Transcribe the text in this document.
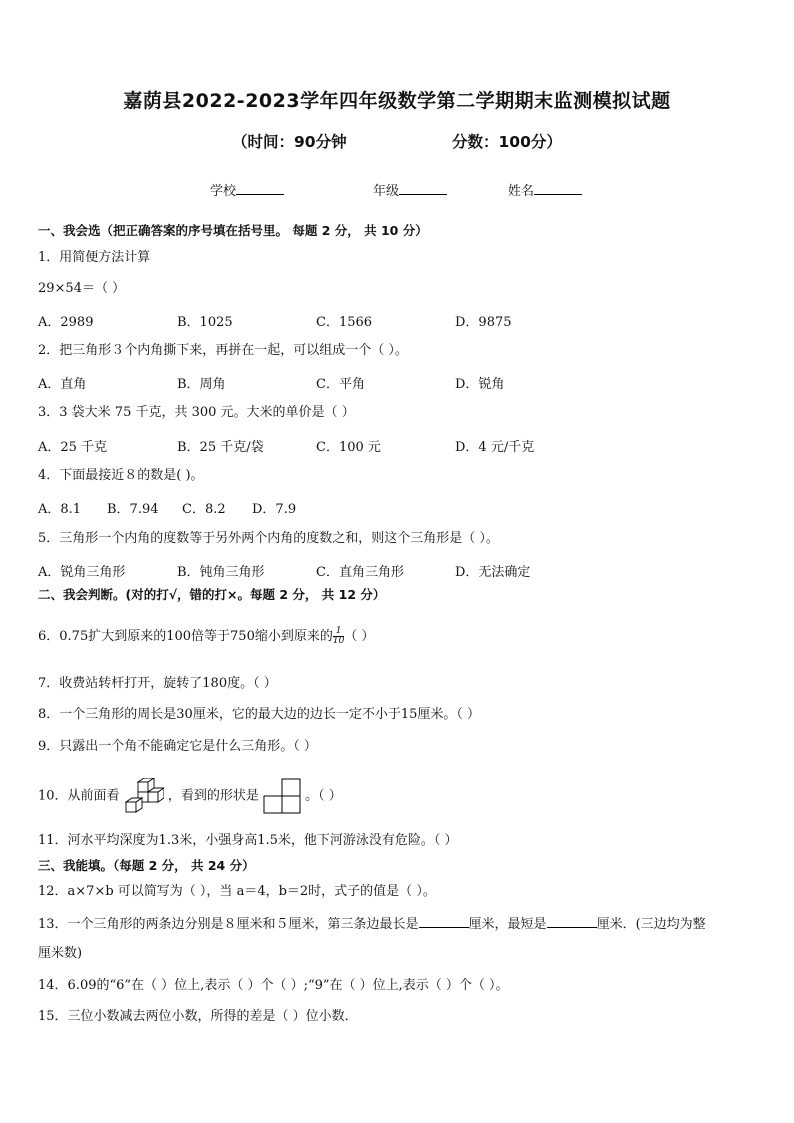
嘉荫县2022-2023学年四年级数学第二学期期末监测模拟试题
（时间：90分钟	分数：100分）
学校	年级	姓名
一、我会选（把正确答案的序号填在括号里。 每题 2 分， 共 10 分）
1．用简便方法计算
29×54＝（ ）
A．2989	B．1025	C．1566	D．9875
2．把三角形３个内角撕下来，再拼在一起，可以组成一个（ ）。
A．直角	B．周角	C．平角	D．锐角
3．3 袋大米 75 千克，共 300 元。大米的单价是（ ）
A．25 千克	B．25 千克/袋	C．100 元	D．4 元/千克
4．下面最接近８的数是( )。
A．8.1 B．7.94 C．8.2 D．7.9
5．三角形一个内角的度数等于另外两个内角的度数之和，则这个三角形是（ ）。
A．锐角三角形	B．钝角三角形	C．直角三角形	D．无法确定
二、我会判断。(对的打√，错的打×。每题 2 分， 共 12 分）
6．0.75扩大到原来的100倍等于750缩小到原来的 $\frac{1}{10}$ （ ）
7．收费站转杆打开，旋转了180度。（ ）
8．一个三角形的周长是30厘米，它的最大边的边长一定不小于15厘米。（ ）
9．只露出一个角不能确定它是什么三角形。（ ）
10．从前面看	，看到的形状是	。（ ）
11．河水平均深度为1.3米，小强身高1.5米，他下河游泳没有危险。（ ）
三、我能填。（每题 2 分， 共 24 分）
12．a×7×b 可以简写为（ ），当 a＝4，b＝2时，式子的值是（ ）。
13．一个三角形的两条边分别是８厘米和５厘米，第三条边最长是	厘米，最短是	厘米．(三边均为整
厘米数)
14．6.09的“6”在（ ）位上,表示（ ）个（ ）;“9”在（ ）位上,表示（ ）个（ ）。
15．三位小数减去两位小数，所得的差是（ ）位小数．
